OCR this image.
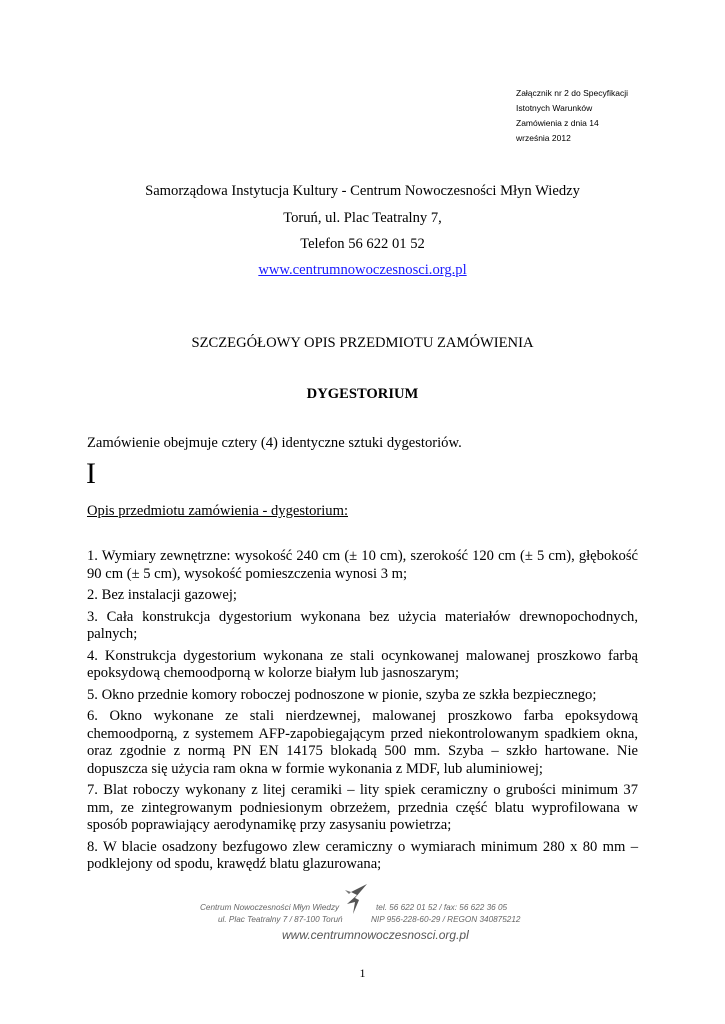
Załącznik nr 2 do Specyfikacji
Istotnych Warunków
Zamówienia z dnia 14
września 2012
Samorządowa Instytucja Kultury - Centrum Nowoczesności Młyn Wiedzy
Toruń, ul. Plac Teatralny 7,
Telefon 56 622 01 52
www.centrumnowoczesnosci.org.pl
SZCZEGÓŁOWY OPIS PRZEDMIOTU ZAMÓWIENIA
DYGESTORIUM
Zamówienie obejmuje cztery (4) identyczne sztuki dygestoriów.
I
Opis przedmiotu zamówienia - dygestorium:

1. Wymiary zewnętrzne: wysokość 240 cm (± 10 cm), szerokość 120 cm (± 5 cm), głębokość 90 cm (± 5 cm), wysokość pomieszczenia wynosi 3 m;

2. Bez instalacji gazowej;

3. Cała konstrukcja dygestorium wykonana bez użycia materiałów drewnopochodnych, palnych;

4. Konstrukcja dygestorium wykonana ze stali ocynkowanej malowanej proszkowo farbą epoksydową chemoodporną w kolorze białym lub jasnoszarym;

5. Okno przednie komory roboczej podnoszone w pionie, szyba ze szkła bezpiecznego;

6. Okno wykonane ze stali nierdzewnej, malowanej proszkowo farba epoksydową chemoodporną, z systemem AFP-zapobiegającym przed niekontrolowanym spadkiem okna, oraz zgodnie z normą PN EN 14175 blokadą 500 mm. Szyba – szkło hartowane. Nie dopuszcza się użycia ram okna w formie wykonania z MDF, lub aluminiowej;

7. Blat roboczy wykonany z litej ceramiki – lity spiek ceramiczny o grubości minimum 37 mm, ze zintegrowanym podniesionym obrzeżem, przednia część blatu wyprofilowana w sposób poprawiający aerodynamikę przy zasysaniu powietrza;

8. W blacie osadzony bezfugowo zlew ceramiczny o wymiarach minimum 280 x 80 mm – podklejony od spodu, krawędź blatu glazurowana;

Centrum Nowoczesności Młyn Wiedzy
ul. Plac Teatralny 7 / 87-100 Toruń
tel. 56 622 01 52 / fax: 56 622 36 05
NIP 956-228-60-29 / REGON 340875212
www.centrumnowoczesnosci.org.pl
1
